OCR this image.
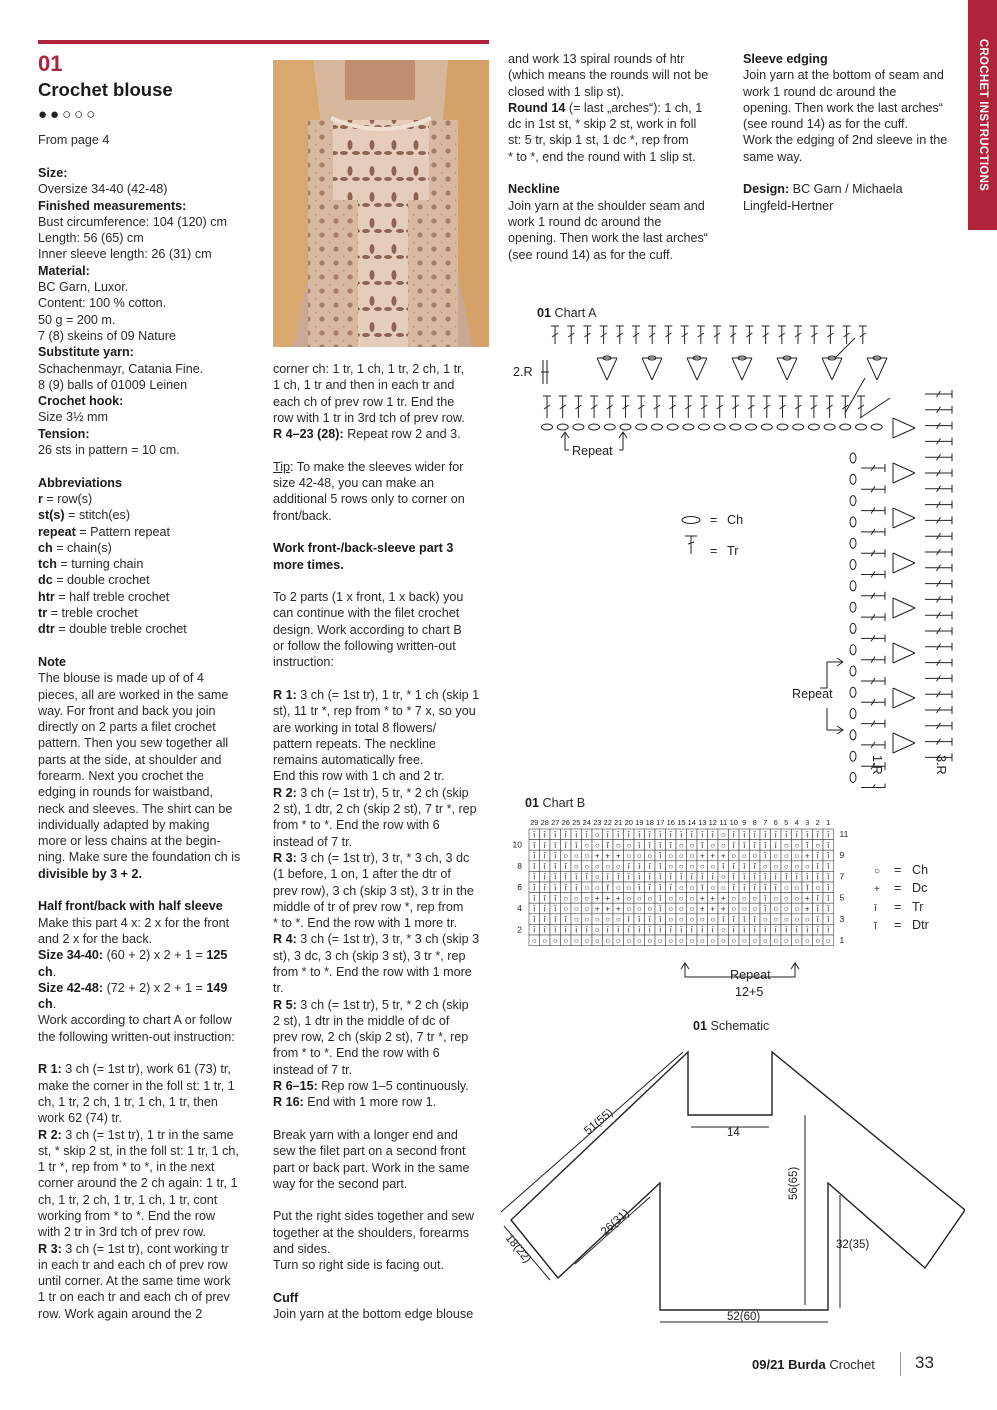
CROCHET INSTRUCTIONS
01
Crochet blouse
●●○○○
From page 4

Size:

Oversize 34-40 (42-48)

Finished measurements:

Bust circumference: 104 (120) cm

Length: 56 (65) cm

Inner sleeve length: 26 (31) cm

Material:

BC Garn, Luxor.

Content: 100 % cotton.

50 g = 200 m.

7 (8) skeins of 09 Nature

Substitute yarn:

Schachenmayr, Catania Fine.

8 (9) balls of 01009 Leinen

Crochet hook:

Size 3½ mm

Tension:

26 sts in pattern = 10 cm.

Abbreviations

r = row(s)

st(s) = stitch(es)

repeat = Pattern repeat

ch = chain(s)

tch = turning chain

dc = double crochet

htr = half treble crochet

tr = treble crochet

dtr = double treble crochet

Note

The blouse is made up of of 4

pieces, all are worked in the same

way. For front and back you join

directly on 2 parts a filet crochet

pattern. Then you sew together all

parts at the side, at shoulder and

forearm. Next you crochet the

edging in rounds for waistband,

neck and sleeves. The shirt can be

individually adapted by making

more or less chains at the begin-

ning. Make sure the foundation ch is

divisible by 3 + 2.

Half front/back with half sleeve

Make this part 4 x: 2 x for the front

and 2 x for the back.

Size 34-40: (60 + 2) x 2 + 1 = 125

ch.

Size 42-48: (72 + 2) x 2 + 1 = 149

ch.

Work according to chart A or follow

the following written-out instruction:

R 1: 3 ch (= 1st tr), work 61 (73) tr,

make the corner in the foll st: 1 tr, 1

ch, 1 tr, 2 ch, 1 tr, 1 ch, 1 tr, then

work 62 (74) tr.

R 2: 3 ch (= 1st tr), 1 tr in the same

st, * skip 2 st, in the foll st: 1 tr, 1 ch,

1 tr *, rep from * to *, in the next

corner around the 2 ch again: 1 tr, 1

ch, 1 tr, 2 ch, 1 tr, 1 ch, 1 tr, cont

working from * to *. End the row

with 2 tr in 3rd tch of prev row.

R 3: 3 ch (= 1st tr), cont working tr

in each tr and each ch of prev row

until corner. At the same time work

1 tr on each tr and each ch of prev

row. Work again around the 2

corner ch: 1 tr, 1 ch, 1 tr, 2 ch, 1 tr,

1 ch, 1 tr and then in each tr and

each ch of prev row 1 tr. End the

row with 1 tr in 3rd tch of prev row.

R 4–23 (28): Repeat row 2 and 3.

Tip: To make the sleeves wider for

size 42-48, you can make an

additional 5 rows only to corner on

front/back.

Work front-/back-sleeve part 3

more times.

To 2 parts (1 x front, 1 x back) you

can continue with the filet crochet

design. Work according to chart B

or follow the following written-out

instruction:

R 1: 3 ch (= 1st tr), 1 tr, * 1 ch (skip 1

st), 11 tr *, rep from * to * 7 x, so you

are working in total 8 flowers/

pattern repeats. The neckline

remains automatically free.

End this row with 1 ch and 2 tr.

R 2: 3 ch (= 1st tr), 5 tr, * 2 ch (skip

2 st), 1 dtr, 2 ch (skip 2 st), 7 tr *, rep

from * to *. End the row with 6

instead of 7 tr.

R 3: 3 ch (= 1st tr), 3 tr, * 3 ch, 3 dc

(1 before, 1 on, 1 after the dtr of

prev row), 3 ch (skip 3 st), 3 tr in the

middle of tr of prev row *, rep from

* to *. End the row with 1 more tr.

R 4: 3 ch (= 1st tr), 3 tr, * 3 ch (skip 3

st), 3 dc, 3 ch (skip 3 st), 3 tr *, rep

from * to *. End the row with 1 more

tr.

R 5: 3 ch (= 1st tr), 5 tr, * 2 ch (skip

2 st), 1 dtr in the middle of dc of

prev row, 2 ch (skip 2 st), 7 tr *, rep

from * to *. End the row with 6

instead of 7 tr.

R 6–15: Rep row 1–5 continuously.

R 16: End with 1 more row 1.

Break yarn with a longer end and

sew the filet part on a second front

part or back part. Work in the same

way for the second part.

Put the right sides together and sew

together at the shoulders, forearms

and sides.

Turn so right side is facing out.

Cuff

Join yarn at the bottom edge blouse

and work 13 spiral rounds of htr

(which means the rounds will not be

closed with 1 slip st).

Round 14 (= last „arches“): 1 ch, 1

dc in 1st st, * skip 2 st, work in foll

st: 5 tr, skip 1 st, 1 dc *, rep from

* to *, end the round with 1 slip st.

Neckline

Join yarn at the shoulder seam and

work 1 round dc around the

opening. Then work the last arches“

(see round 14) as for the cuff.

Sleeve edging

Join yarn at the bottom of seam and

work 1 round dc around the

opening. Then work the last arches“

(see round 14) as for the cuff.

Work the edging of 2nd sleeve in the

same way.

Design: BC Garn / Michaela

Lingfeld-Hertner

01 Chart A
2.R
Repeat
Repeat
1.R	3.R
= Ch
= Tr
01 Chart B
29 28 27 26 25 24 23 22 21 20 19 18 17 16 15 14 13 12 11 10 9 8 7 6 5 4 3 2 1
ī ī ī ī ī ī ○ ī ī ī ī ī ī ī ī ī ī ī ○ ī ī ī ī ī ī ī ī ī ī
ī ī ī ī ī ○ ○ ĭ ○ ○ ī ī ī ī ○ ○ ĭ ○ ○ ī ī ī ī ī ○ ○ ĭ ○ ī
ī ī ī ○ ○ ○ + + + ○ ○ ○ ī ○ ○ ○ + + + ○ ○ ○ ī ○ ○ ○ + ī ī
ī ī ī ī ○ ○ ○ ○ ○ ī ī ī ī ○ ○ ○ ○ ○ ī ī ī ī ○ ○ ○ ○ ○ ī ī
ī ī ī ī ī ī ○ ī ī ī ī ī ī ī ī ī ī ī ○ ī ī ī ī ī ī ī ī ī ī
ī ī ī ī ī ○ ○ ĭ ○ ○ ī ī ī ī ○ ○ ĭ ○ ○ ī ī ī ī ī ○ ○ ĭ ○ ī
ī ī ī ○ ○ ○ + + + ○ ○ ○ ī ○ ○ ○ + + + ○ ○ ○ ī ○ ○ ○ + ī ī
ī ī ī ○ ○ ○ + + + ○ ○ ○ ī ○ ○ ○ + + + ○ ○ ○ ī ○ ○ ○ + ī ī
ī ī ī ī ○ ○ ○ ○ ○ ī ī ī ī ○ ○ ○ ○ ○ ī ī ī ī ○ ○ ○ ○ ○ ī ī
ī ī ī ī ī ī ○ ī ī ī ī ī ī ī ī ī ī ī ○ ī ī ī ī ī ī ī ī ī ī
○ ○ ○ ○ ○ ○ ○ ○ ○ ○ ○ ○ ○ ○ ○ ○ ○ ○ ○ ○ ○ ○ ○ ○ ○ ○ ○ ○ ○
10
8
6
4
2
11
9
7
5
3
1
Repeat
12+5
○ = Ch
+ = Dc
ī = Tr
ĭ = Dtr
01 Schematic
51(55)	14
56(65)
18(22)
26(31)
52(60)
32(35)
09/21 Burda Crochet 33
